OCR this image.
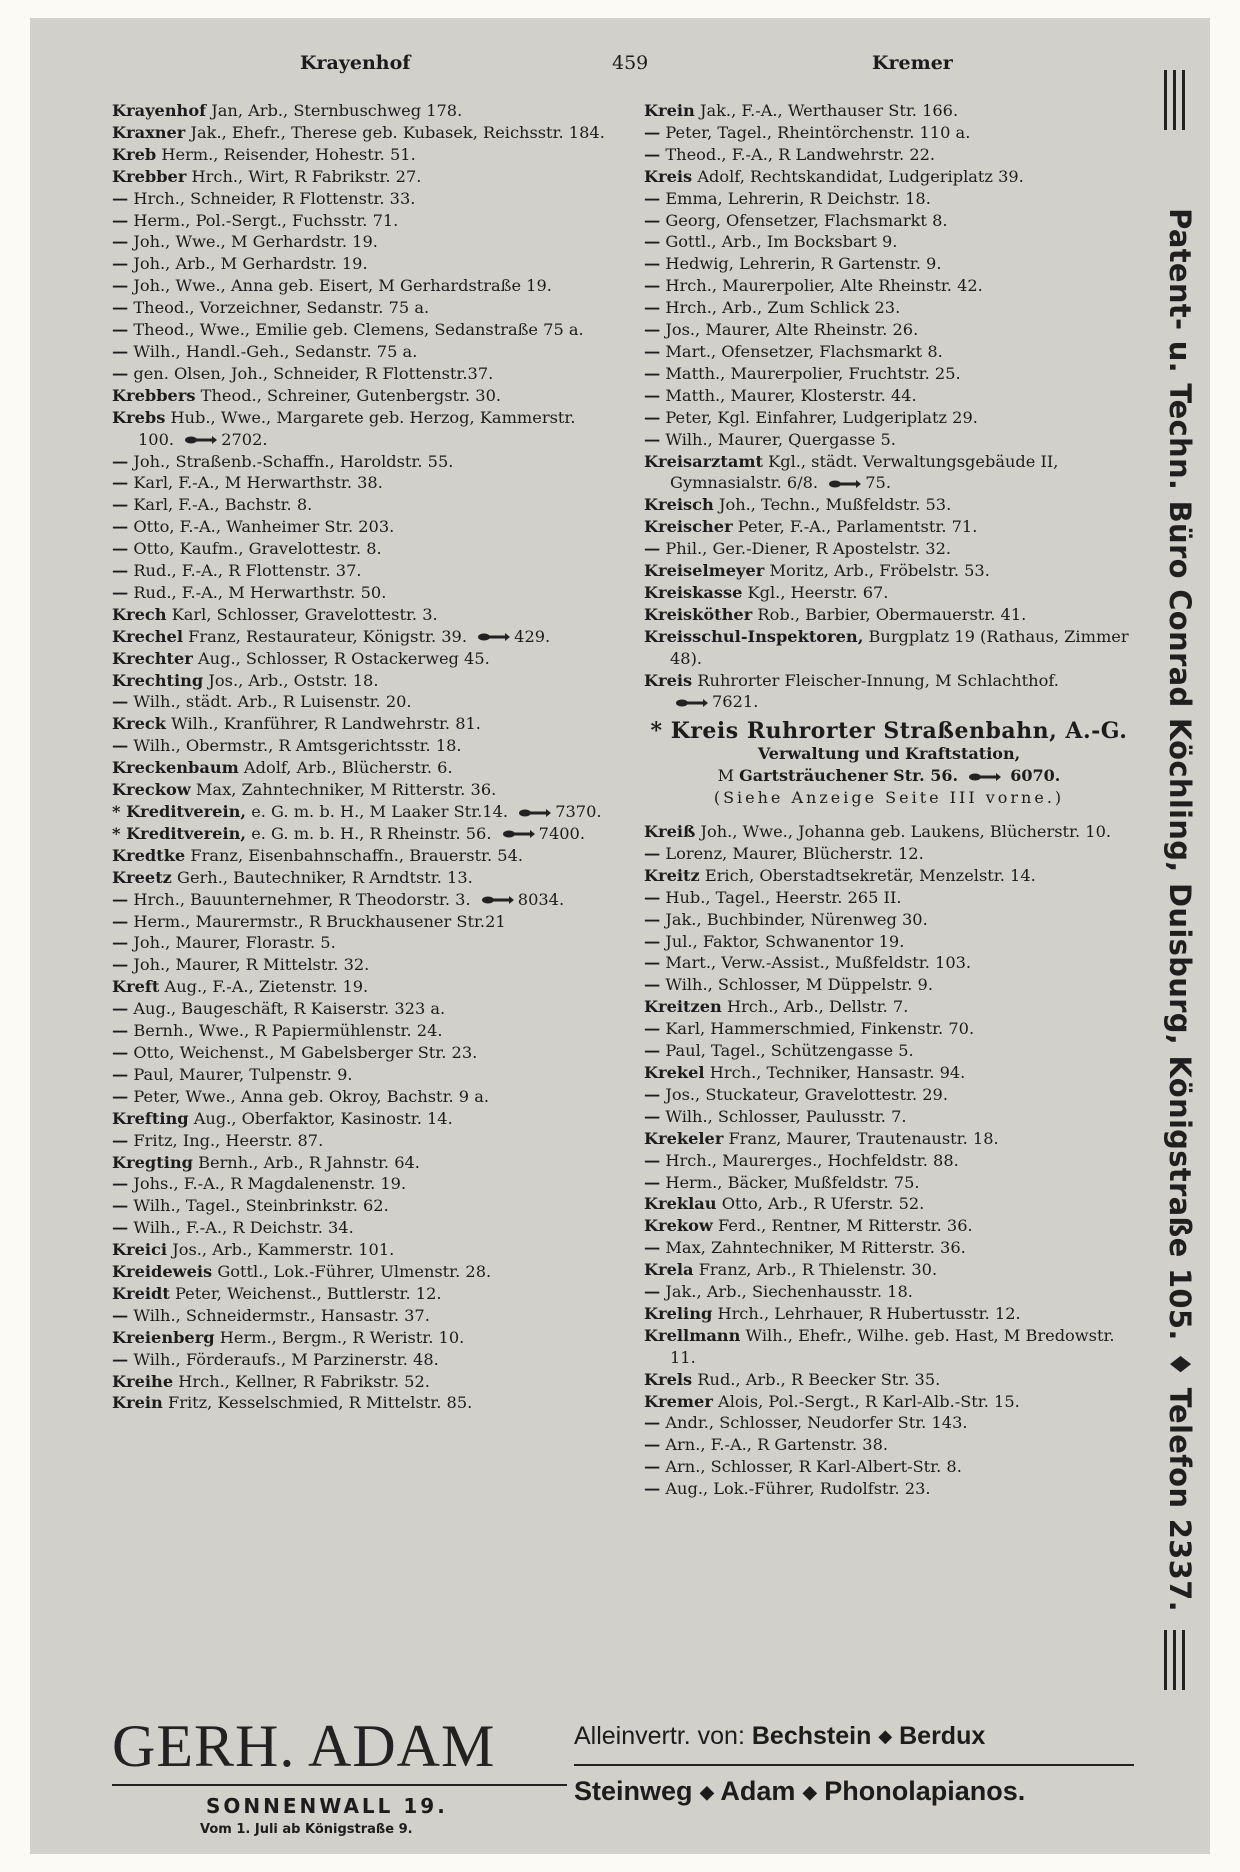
Krayenhof	459	Kremer
Krayenhof Jan, Arb., Sternbuschweg 178.
Kraxner Jak., Ehefr., Therese geb. Kubasek, Reichsstr. 184.
Kreb Herm., Reisender, Hohestr. 51.
Krebber Hrch., Wirt, R Fabrikstr. 27.
— Hrch., Schneider, R Flottenstr. 33.
— Herm., Pol.-Sergt., Fuchsstr. 71.
— Joh., Wwe., M Gerhardstr. 19.
— Joh., Arb., M Gerhardstr. 19.
— Joh., Wwe., Anna geb. Eisert, M Gerhardstraße 19.
— Theod., Vorzeichner, Sedanstr. 75 a.
— Theod., Wwe., Emilie geb. Clemens, Sedanstraße 75 a.
— Wilh., Handl.-Geh., Sedanstr. 75 a.
— gen. Olsen, Joh., Schneider, R Flottenstr.37.
Krebbers Theod., Schreiner, Gutenbergstr. 30.
Krebs Hub., Wwe., Margarete geb. Herzog, Kammerstr. 100.	2702.
— Joh., Straßenb.-Schaffn., Haroldstr. 55.
— Karl, F.-A., M Herwarthstr. 38.
— Karl, F.-A., Bachstr. 8.
— Otto, F.-A., Wanheimer Str. 203.
— Otto, Kaufm., Gravelottestr. 8.
— Rud., F.-A., R Flottenstr. 37.
— Rud., F.-A., M Herwarthstr. 50.
Krech Karl, Schlosser, Gravelottestr. 3.
Krechel Franz, Restaurateur, Königstr. 39.	429.
Krechter Aug., Schlosser, R Ostackerweg 45.
Krechting Jos., Arb., Oststr. 18.
— Wilh., städt. Arb., R Luisenstr. 20.
Kreck Wilh., Kranführer, R Landwehrstr. 81.
— Wilh., Obermstr., R Amtsgerichtsstr. 18.
Kreckenbaum Adolf, Arb., Blücherstr. 6.
Kreckow Max, Zahntechniker, M Ritterstr. 36.
* Kreditverein, e. G. m. b. H., M Laaker Str.14.	7370.
* Kreditverein, e. G. m. b. H., R Rheinstr. 56.	7400.
Kredtke Franz, Eisenbahnschaffn., Brauerstr. 54.
Kreetz Gerh., Bautechniker, R Arndtstr. 13.
— Hrch., Bauunternehmer, R Theodorstr. 3.	8034.
— Herm., Maurermstr., R Bruckhausener Str.21
— Joh., Maurer, Florastr. 5.
— Joh., Maurer, R Mittelstr. 32.
Kreft Aug., F.-A., Zietenstr. 19.
— Aug., Baugeschäft, R Kaiserstr. 323 a.
— Bernh., Wwe., R Papiermühlenstr. 24.
— Otto, Weichenst., M Gabelsberger Str. 23.
— Paul, Maurer, Tulpenstr. 9.
— Peter, Wwe., Anna geb. Okroy, Bachstr. 9 a.
Krefting Aug., Oberfaktor, Kasinostr. 14.
— Fritz, Ing., Heerstr. 87.
Kregting Bernh., Arb., R Jahnstr. 64.
— Johs., F.-A., R Magdalenenstr. 19.
— Wilh., Tagel., Steinbrinkstr. 62.
— Wilh., F.-A., R Deichstr. 34.
Kreici Jos., Arb., Kammerstr. 101.
Kreideweis Gottl., Lok.-Führer, Ulmenstr. 28.
Kreidt Peter, Weichenst., Buttlerstr. 12.
— Wilh., Schneidermstr., Hansastr. 37.
Kreienberg Herm., Bergm., R Weristr. 10.
— Wilh., Förderaufs., M Parzinerstr. 48.
Kreihe Hrch., Kellner, R Fabrikstr. 52.
Krein Fritz, Kesselschmied, R Mittelstr. 85.
Krein Jak., F.-A., Werthauser Str. 166.
— Peter, Tagel., Rheintörchenstr. 110 a.
— Theod., F.-A., R Landwehrstr. 22.
Kreis Adolf, Rechtskandidat, Ludgeriplatz 39.
— Emma, Lehrerin, R Deichstr. 18.
— Georg, Ofensetzer, Flachsmarkt 8.
— Gottl., Arb., Im Bocksbart 9.
— Hedwig, Lehrerin, R Gartenstr. 9.
— Hrch., Maurerpolier, Alte Rheinstr. 42.
— Hrch., Arb., Zum Schlick 23.
— Jos., Maurer, Alte Rheinstr. 26.
— Mart., Ofensetzer, Flachsmarkt 8.
— Matth., Maurerpolier, Fruchtstr. 25.
— Matth., Maurer, Klosterstr. 44.
— Peter, Kgl. Einfahrer, Ludgeriplatz 29.
— Wilh., Maurer, Quergasse 5.
Kreisarztamt Kgl., städt. Verwaltungsgebäude II, Gymnasialstr. 6/8.	75.
Kreisch Joh., Techn., Mußfeldstr. 53.
Kreischer Peter, F.-A., Parlamentstr. 71.
— Phil., Ger.-Diener, R Apostelstr. 32.
Kreiselmeyer Moritz, Arb., Fröbelstr. 53.
Kreiskasse Kgl., Heerstr. 67.
Kreisköther Rob., Barbier, Obermauerstr. 41.
Kreisschul-Inspektoren, Burgplatz 19 (Rathaus, Zimmer 48).
Kreis Ruhrorter Fleischer-Innung, M Schlachthof. 7621.
* Kreis Ruhrorter Straßenbahn, A.-G.
Verwaltung und Kraftstation,
M Gartsträuchener Str. 56.	6070.
(Siehe Anzeige Seite III vorne.)
Kreiß Joh., Wwe., Johanna geb. Laukens, Blücherstr. 10.
— Lorenz, Maurer, Blücherstr. 12.
Kreitz Erich, Oberstadtsekretär, Menzelstr. 14.
— Hub., Tagel., Heerstr. 265 II.
— Jak., Buchbinder, Nürenweg 30.
— Jul., Faktor, Schwanentor 19.
— Mart., Verw.-Assist., Mußfeldstr. 103.
— Wilh., Schlosser, M Düppelstr. 9.
Kreitzen Hrch., Arb., Dellstr. 7.
— Karl, Hammerschmied, Finkenstr. 70.
— Paul, Tagel., Schützengasse 5.
Krekel Hrch., Techniker, Hansastr. 94.
— Jos., Stuckateur, Gravelottestr. 29.
— Wilh., Schlosser, Paulusstr. 7.
Krekeler Franz, Maurer, Trautenaustr. 18.
— Hrch., Maurerges., Hochfeldstr. 88.
— Herm., Bäcker, Mußfeldstr. 75.
Kreklau Otto, Arb., R Uferstr. 52.
Krekow Ferd., Rentner, M Ritterstr. 36.
— Max, Zahntechniker, M Ritterstr. 36.
Krela Franz, Arb., R Thielenstr. 30.
— Jak., Arb., Siechenhausstr. 18.
Kreling Hrch., Lehrhauer, R Hubertusstr. 12.
Krellmann Wilh., Ehefr., Wilhe. geb. Hast, M Bredowstr. 11.
Krels Rud., Arb., R Beecker Str. 35.
Kremer Alois, Pol.-Sergt., R Karl-Alb.-Str. 15.
— Andr., Schlosser, Neudorfer Str. 143.
— Arn., F.-A., R Gartenstr. 38.
— Arn., Schlosser, R Karl-Albert-Str. 8.
— Aug., Lok.-Führer, Rudolfstr. 23.	Patent- u. Techn. Büro Conrad Köchling, Duisburg, Königstraße 105. ♦ Telefon 2337.
GERH. ADAM
SONNENWALL 19.
Vom 1. Juli ab Königstraße 9.
Alleinvertr. von: Bechstein ◆ Berdux
Steinweg ◆ Adam ◆ Phonolapianos.
